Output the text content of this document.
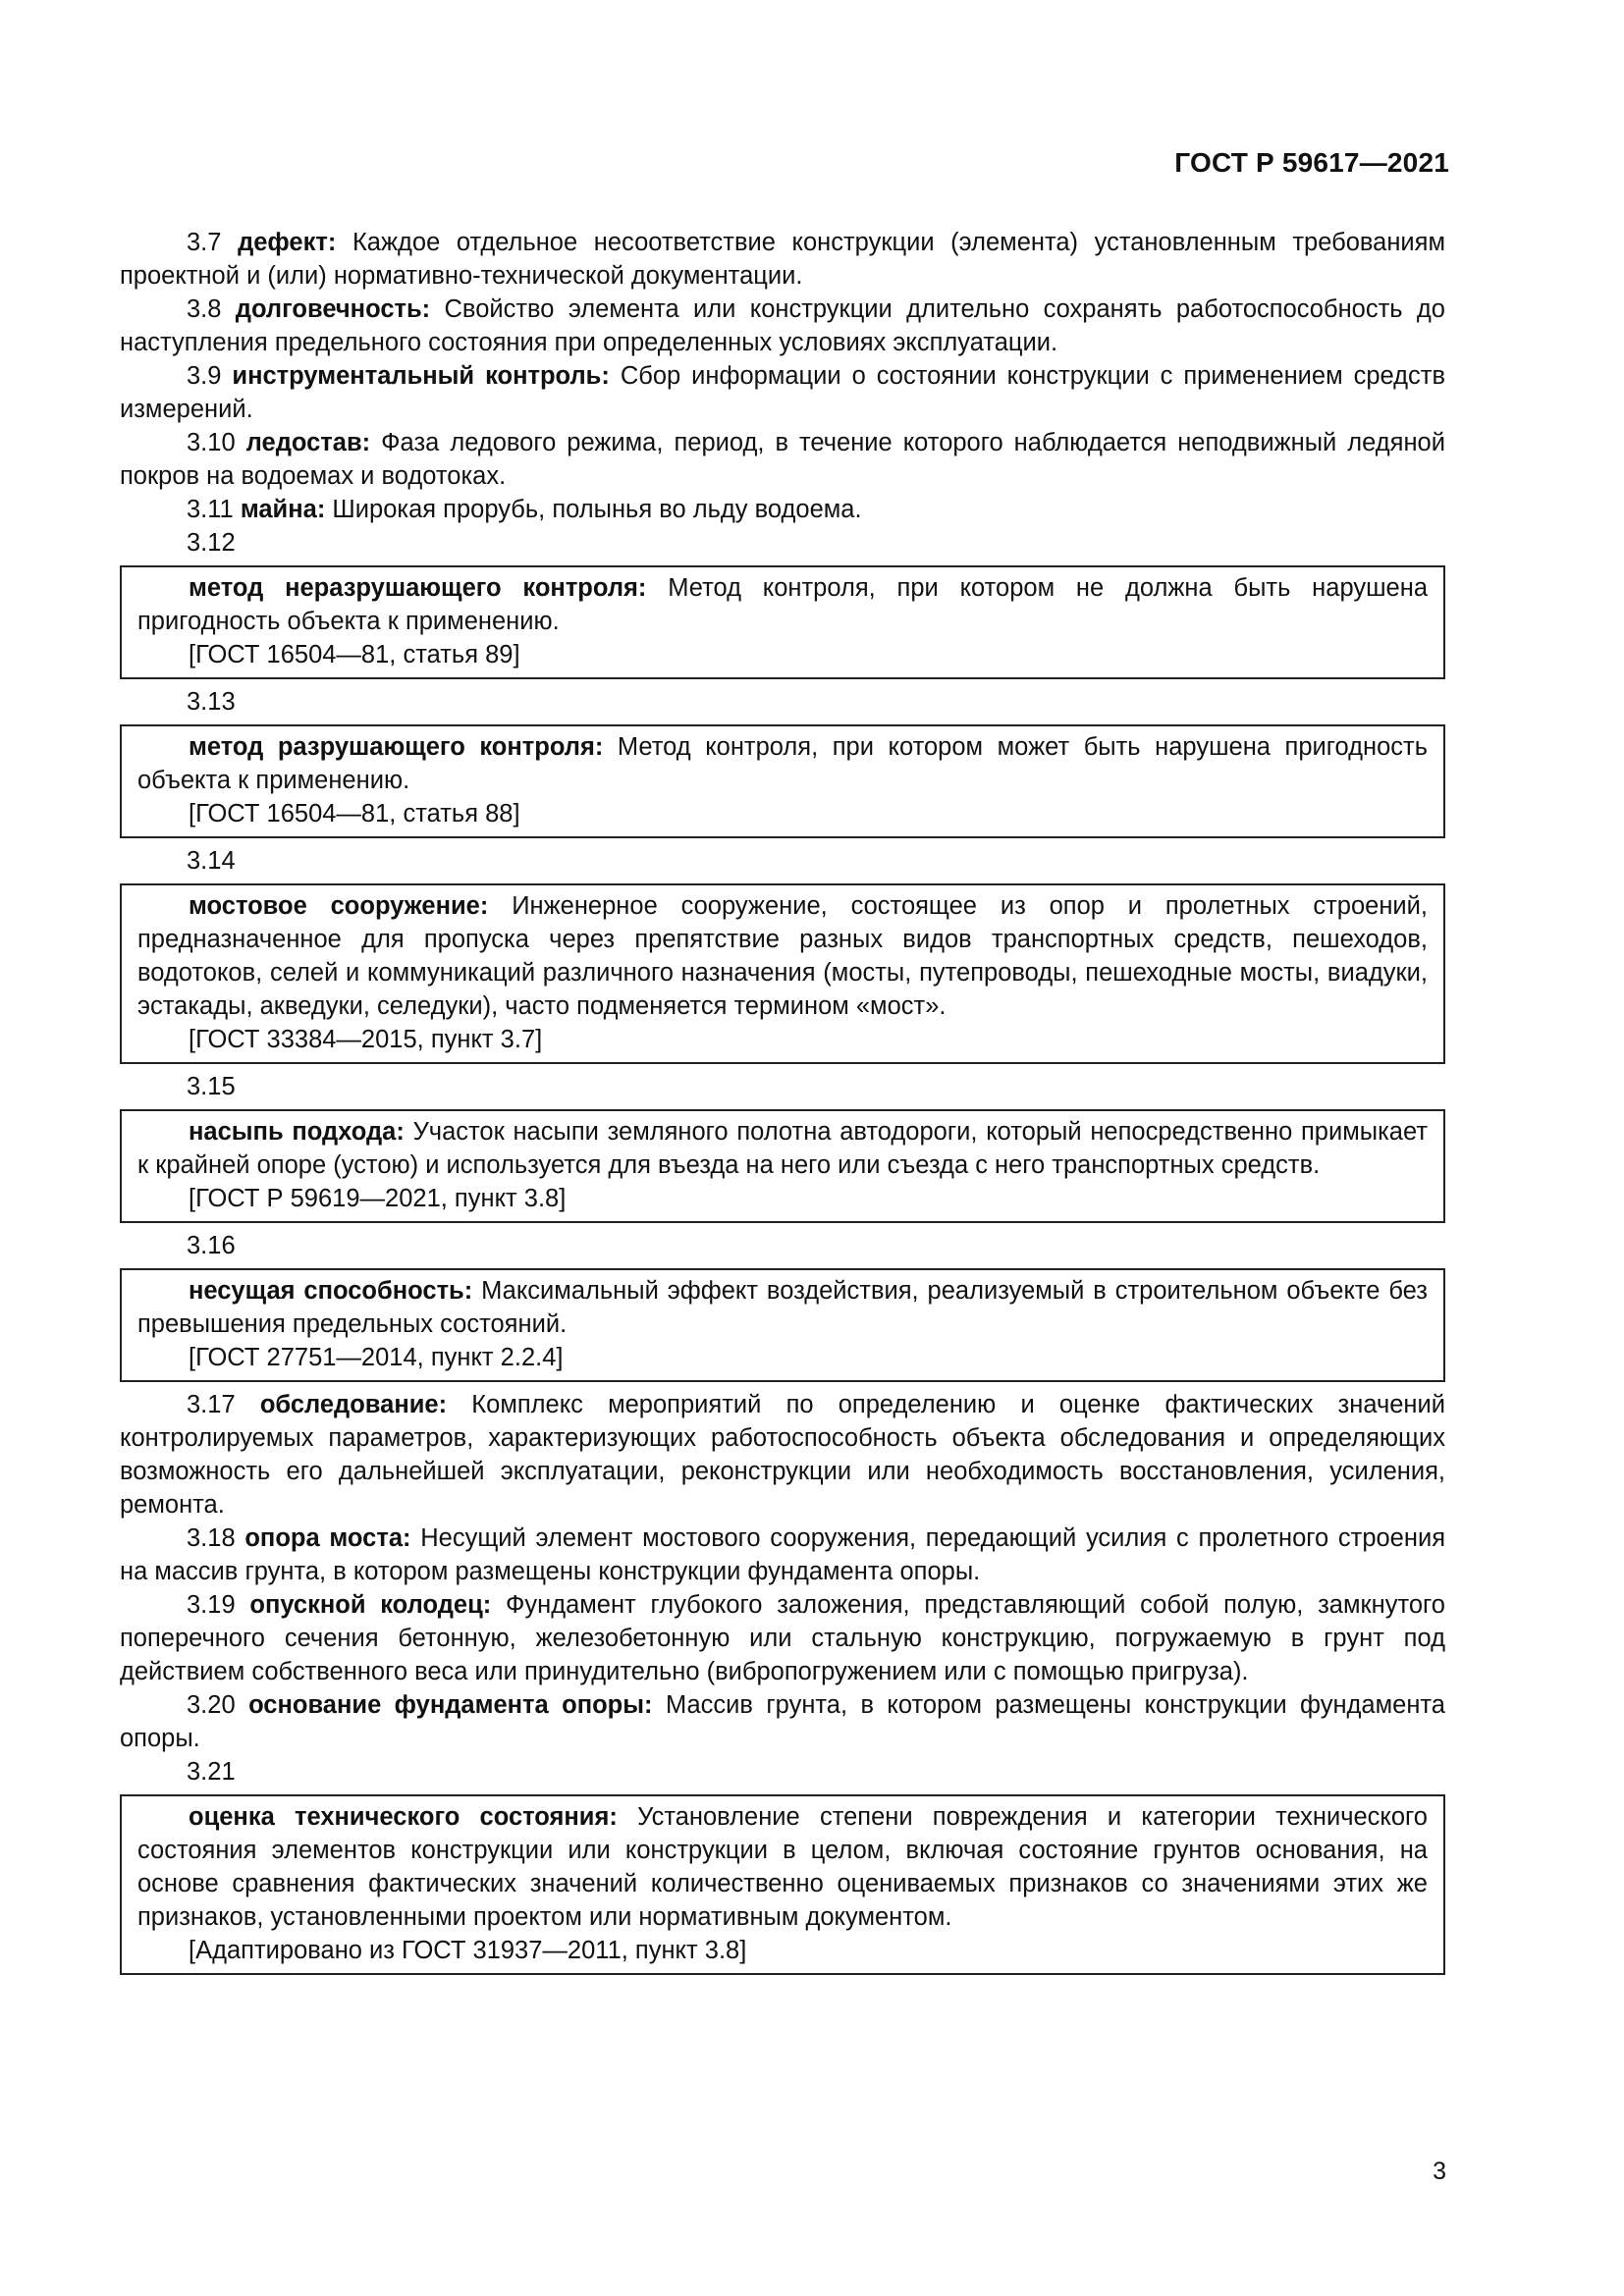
ГОСТ Р 59617—2021

3.7 дефект: Каждое отдельное несоответствие конструкции (элемента) установленным требованиям проектной и (или) нормативно-технической документации.

3.8 долговечность: Свойство элемента или конструкции длительно сохранять работоспособность до наступления предельного состояния при определенных условиях эксплуатации.

3.9 инструментальный контроль: Сбор информации о состоянии конструкции с применением средств измерений.

3.10 ледостав: Фаза ледового режима, период, в течение которого наблюдается неподвижный ледяной покров на водоемах и водотоках.

3.11 майна: Широкая прорубь, полынья во льду водоема.

3.12

метод неразрушающего контроля: Метод контроля, при котором не должна быть нарушена пригодность объекта к применению.

[ГОСТ 16504—81, статья 89]

3.13

метод разрушающего контроля: Метод контроля, при котором может быть нарушена пригодность объекта к применению.

[ГОСТ 16504—81, статья 88]

3.14

мостовое сооружение: Инженерное сооружение, состоящее из опор и пролетных строений, предназначенное для пропуска через препятствие разных видов транспортных средств, пешеходов, водотоков, селей и коммуникаций различного назначения (мосты, путепроводы, пешеходные мосты, виадуки, эстакады, акведуки, селедуки), часто подменяется термином «мост».

[ГОСТ 33384—2015, пункт 3.7]

3.15

насыпь подхода: Участок насыпи земляного полотна автодороги, который непосредственно примыкает к крайней опоре (устою) и используется для въезда на него или съезда с него транспортных средств.

[ГОСТ Р 59619—2021, пункт 3.8]

3.16

несущая способность: Максимальный эффект воздействия, реализуемый в строительном объекте без превышения предельных состояний.

[ГОСТ 27751—2014, пункт 2.2.4]

3.17 обследование: Комплекс мероприятий по определению и оценке фактических значений контролируемых параметров, характеризующих работоспособность объекта обследования и определяющих возможность его дальнейшей эксплуатации, реконструкции или необходимость восстановления, усиления, ремонта.

3.18 опора моста: Несущий элемент мостового сооружения, передающий усилия с пролетного строения на массив грунта, в котором размещены конструкции фундамента опоры.

3.19 опускной колодец: Фундамент глубокого заложения, представляющий собой полую, замкнутого поперечного сечения бетонную, железобетонную или стальную конструкцию, погружаемую в грунт под действием собственного веса или принудительно (вибропогружением или с помощью пригруза).

3.20 основание фундамента опоры: Массив грунта, в котором размещены конструкции фундамента опоры.

3.21

оценка технического состояния: Установление степени повреждения и категории технического состояния элементов конструкции или конструкции в целом, включая состояние грунтов основания, на основе сравнения фактических значений количественно оцениваемых признаков со значениями этих же признаков, установленными проектом или нормативным документом.

[Адаптировано из ГОСТ 31937—2011, пункт 3.8]

3
